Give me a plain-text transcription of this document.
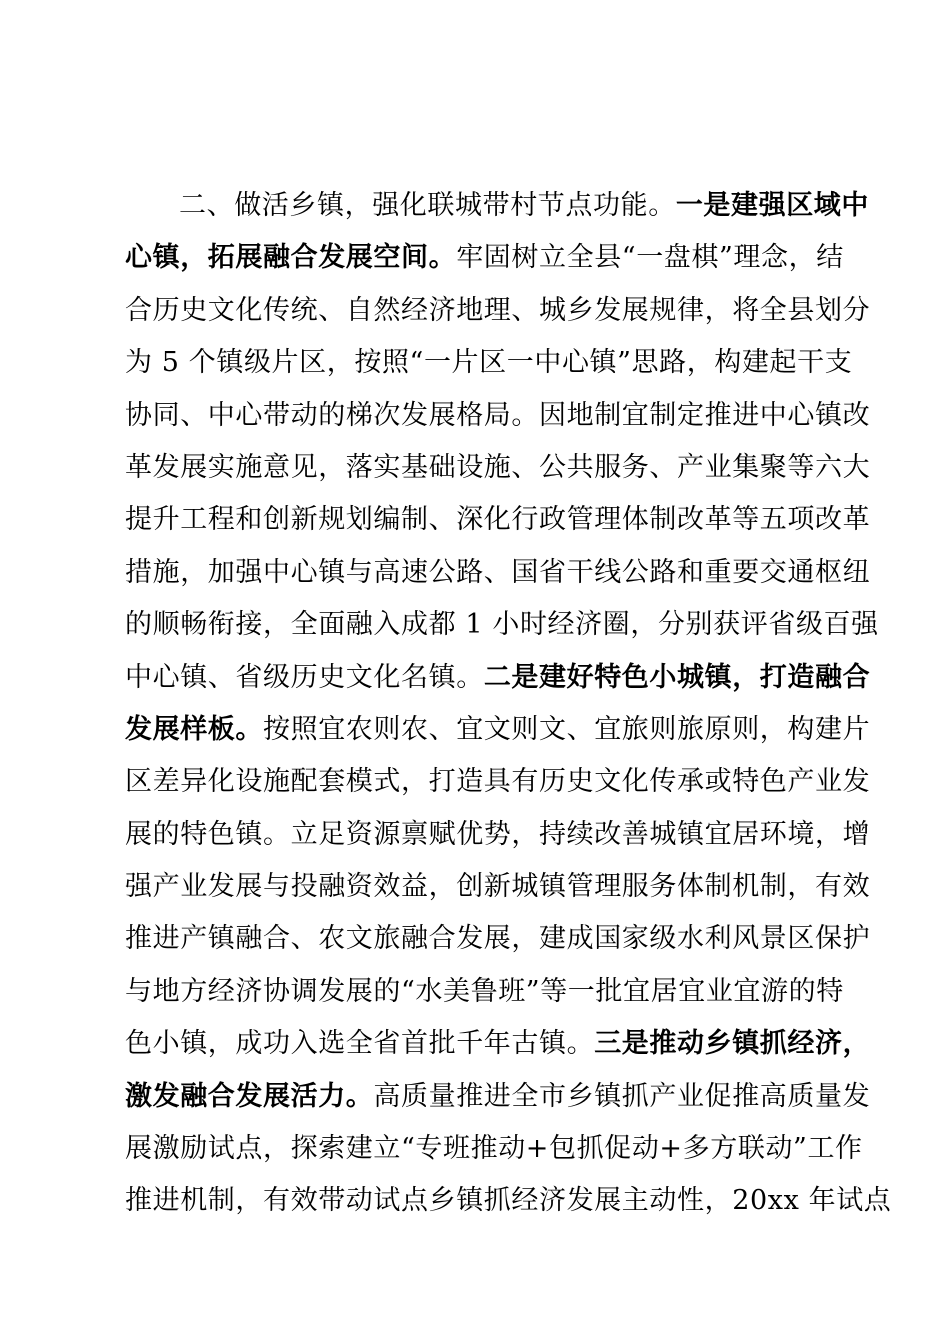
二、做活乡镇，强化联城带村节点功能。一是建强区域中
心镇，拓展融合发展空间。牢固树立全县“一盘棋”理念，结
合历史文化传统、自然经济地理、城乡发展规律，将全县划分
为 5 个镇级片区，按照“一片区一中心镇”思路，构建起干支
协同、中心带动的梯次发展格局。因地制宜制定推进中心镇改
革发展实施意见，落实基础设施、公共服务、产业集聚等六大
提升工程和创新规划编制、深化行政管理体制改革等五项改革
措施，加强中心镇与高速公路、国省干线公路和重要交通枢纽
的顺畅衔接，全面融入成都 1 小时经济圈，分别获评省级百强
中心镇、省级历史文化名镇。二是建好特色小城镇，打造融合
发展样板。按照宜农则农、宜文则文、宜旅则旅原则，构建片
区差异化设施配套模式，打造具有历史文化传承或特色产业发
展的特色镇。立足资源禀赋优势，持续改善城镇宜居环境，增
强产业发展与投融资效益，创新城镇管理服务体制机制，有效
推进产镇融合、农文旅融合发展，建成国家级水利风景区保护
与地方经济协调发展的“水美鲁班”等一批宜居宜业宜游的特
色小镇，成功入选全省首批千年古镇。三是推动乡镇抓经济，
激发融合发展活力。高质量推进全市乡镇抓产业促推高质量发
展激励试点，探索建立“专班推动+包抓促动+多方联动”工作
推进机制，有效带动试点乡镇抓经济发展主动性，20xx 年试点
